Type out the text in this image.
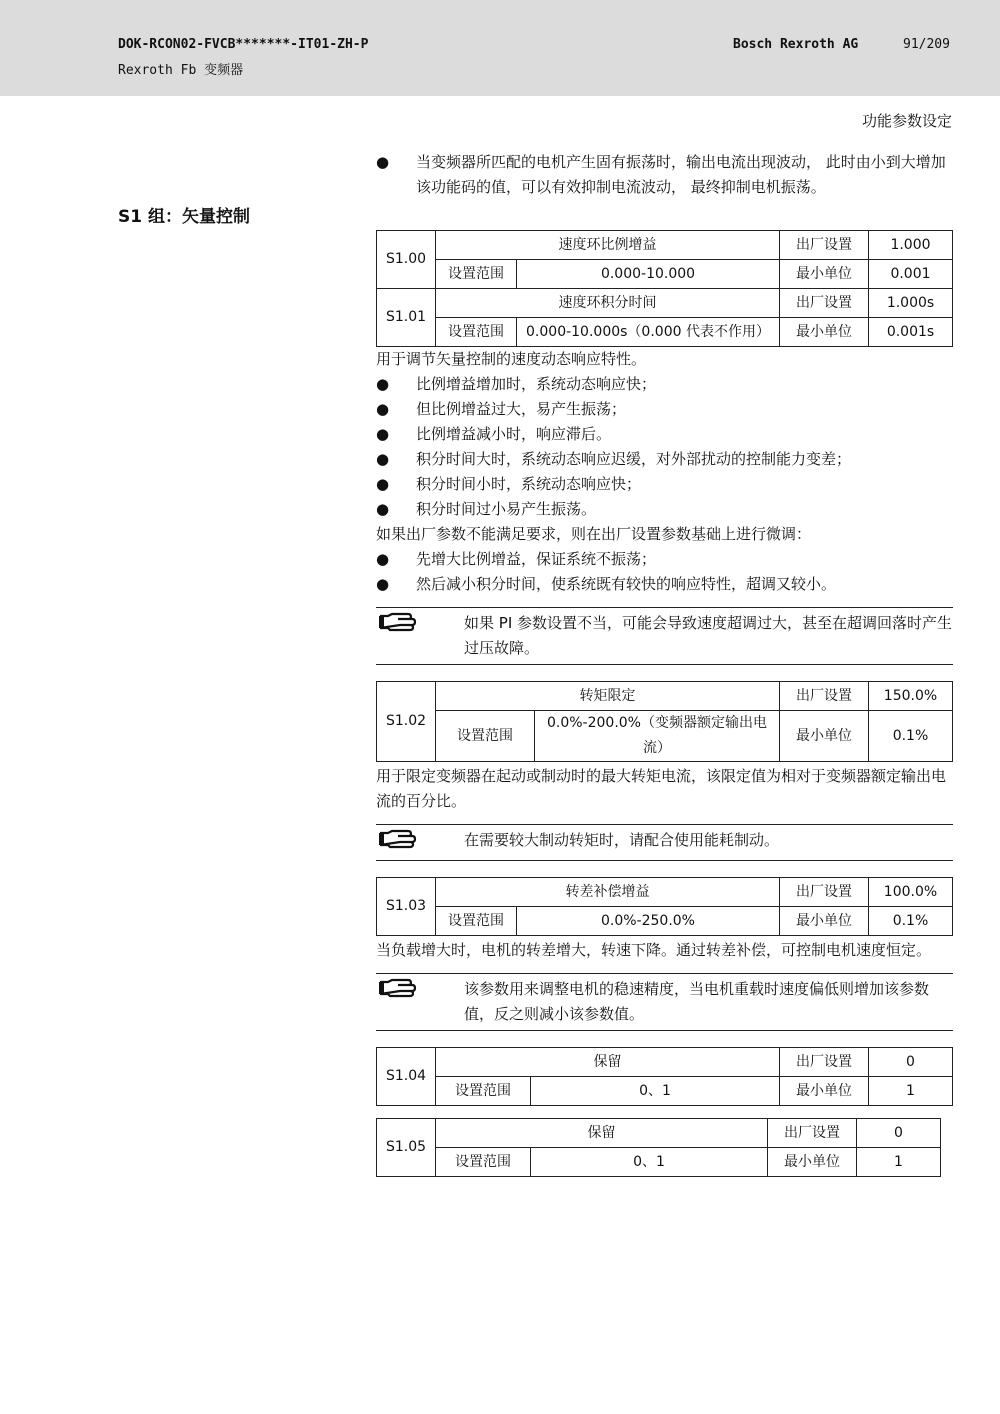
DOK-RCON02-FVCB*******-IT01-ZH-P
Rexroth Fb 变频器
Bosch Rexroth AG	91/209
功能参数设定
S1 组：矢量控制
●	当变频器所匹配的电机产生固有振荡时，输出电流出现波动， 此时由小到大增加该功能码的值，可以有效抑制电流波动， 最终抑制电机振荡。
S1.00	速度环比例增益		出厂设置	1.000
	设置范围	0.000-10.000	最小单位	0.001
S1.01	速度环积分时间		出厂设置	1.000s
	设置范围	0.000-10.000s（0.000 代表不作用）	最小单位	0.001s

用于调节矢量控制的速度动态响应特性。

●	比例增益增加时，系统动态响应快；
●	但比例增益过大，易产生振荡；
●	比例增益减小时，响应滞后。
●	积分时间大时，系统动态响应迟缓，对外部扰动的控制能力变差；
●	积分时间小时，系统动态响应快；
●	积分时间过小易产生振荡。

如果出厂参数不能满足要求，则在出厂设置参数基础上进行微调：

●	先增大比例增益，保证系统不振荡；
●	然后减小积分时间，使系统既有较快的响应特性，超调又较小。
如果 PI 参数设置不当，可能会导致速度超调过大，甚至在超调回落时产生过压故障。
S1.02	转矩限定		出厂设置	150.0%
	设置范围	0.0%-200.0%（变频器额定输出电流）	最小单位	0.1%

用于限定变频器在起动或制动时的最大转矩电流，该限定值为相对于变频器额定输出电流的百分比。

在需要较大制动转矩时，请配合使用能耗制动。
S1.03	转差补偿增益		出厂设置	100.0%
	设置范围	0.0%-250.0%	最小单位	0.1%

当负载增大时，电机的转差增大，转速下降。通过转差补偿，可控制电机速度恒定。

该参数用来调整电机的稳速精度，当电机重载时速度偏低则增加该参数值，反之则减小该参数值。
S1.04	保留		出厂设置	0
	设置范围	0、1	最小单位	1
S1.05	保留		出厂设置	0
	设置范围	0、1	最小单位	1
